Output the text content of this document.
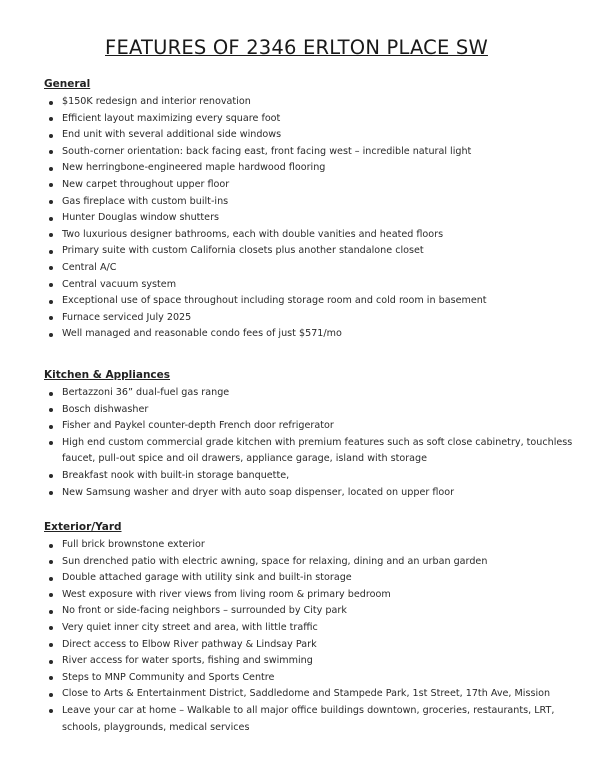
FEATURES OF 2346 ERLTON PLACE SW
General
$150K redesign and interior renovation
Efficient layout maximizing every square foot
End unit with several additional side windows
South-corner orientation: back facing east, front facing west – incredible natural light
New herringbone-engineered maple hardwood flooring
New carpet throughout upper floor
Gas fireplace with custom built-ins
Hunter Douglas window shutters
Two luxurious designer bathrooms, each with double vanities and heated floors
Primary suite with custom California closets plus another standalone closet
Central A/C
Central vacuum system
Exceptional use of space throughout including storage room and cold room in basement
Furnace serviced July 2025
Well managed and reasonable condo fees of just $571/mo
Kitchen & Appliances
Bertazzoni 36” dual-fuel gas range
Bosch dishwasher
Fisher and Paykel counter-depth French door refrigerator
High end custom commercial grade kitchen with premium features such as soft close cabinetry, touchless faucet, pull-out spice and oil drawers, appliance garage, island with storage
Breakfast nook with built-in storage banquette,
New Samsung washer and dryer with auto soap dispenser, located on upper floor
Exterior/Yard
Full brick brownstone exterior
Sun drenched patio with electric awning, space for relaxing, dining and an urban garden
Double attached garage with utility sink and built-in storage
West exposure with river views from living room & primary bedroom
No front or side-facing neighbors – surrounded by City park
Very quiet inner city street and area, with little traffic
Direct access to Elbow River pathway & Lindsay Park
River access for water sports, fishing and swimming
Steps to MNP Community and Sports Centre
Close to Arts & Entertainment District, Saddledome and Stampede Park, 1st Street, 17th Ave, Mission
Leave your car at home – Walkable to all major office buildings downtown, groceries, restaurants, LRT, schools, playgrounds, medical services
